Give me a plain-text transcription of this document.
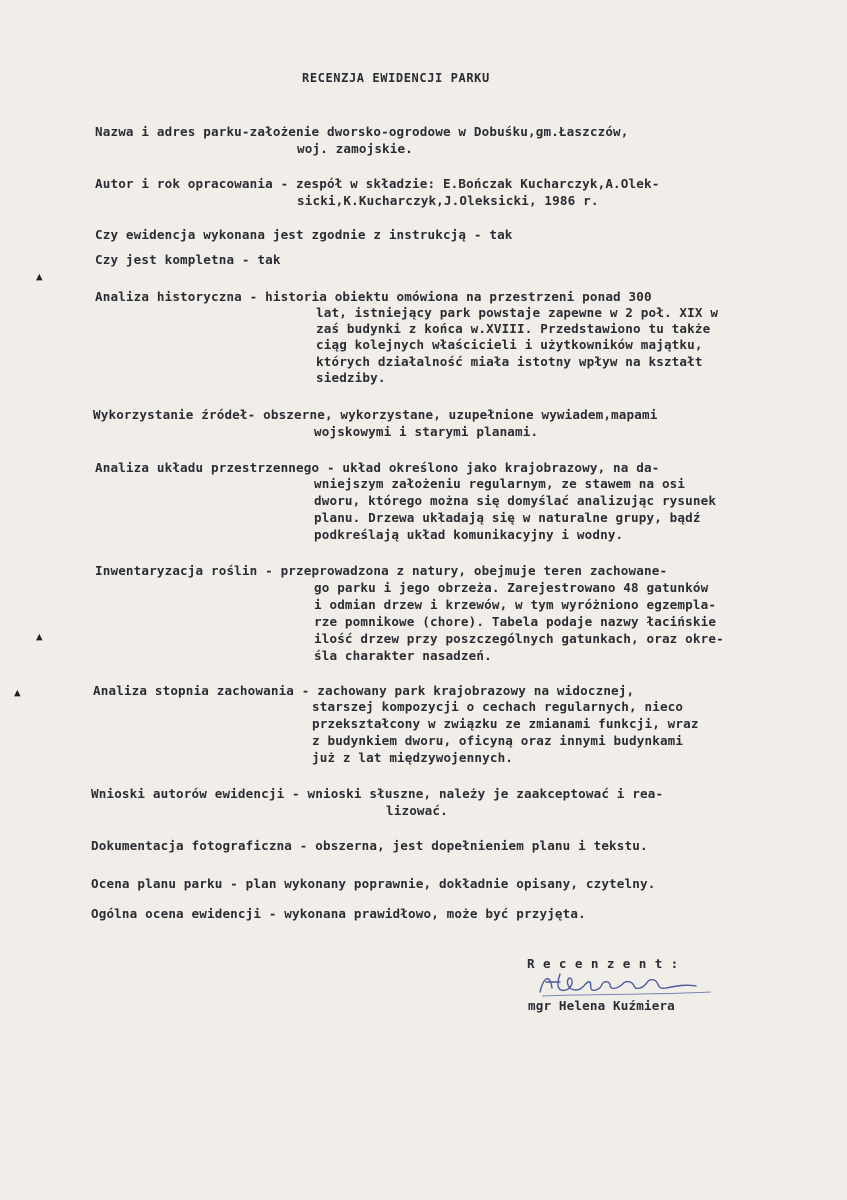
RECENZJA EWIDENCJI PARKU
Nazwa i adres parku-założenie dworsko-ogrodowe w Dobuśku,gm.Łaszczów,
woj. zamojskie.
Autor i rok opracowania - zespół w składzie: E.Bończak Kucharczyk,A.Olek-
sicki,K.Kucharczyk,J.Oleksicki, 1986 r.
Czy ewidencja wykonana jest zgodnie z instrukcją - tak
Czy jest kompletna - tak
Analiza historyczna - historia obiektu omówiona na przestrzeni ponad 300
lat, istniejący park powstaje zapewne w 2 poł. XIX w
zaś budynki z końca w.XVIII. Przedstawiono tu także
ciąg kolejnych właścicieli i użytkowników majątku,
których działalność miała istotny wpływ na kształt
siedziby.
Wykorzystanie źródeł- obszerne, wykorzystane, uzupełnione wywiadem,mapami
wojskowymi i starymi planami.
Analiza układu przestrzennego - układ określono jako krajobrazowy, na da-
wniejszym założeniu regularnym, ze stawem na osi
dworu, którego można się domyślać analizując rysunek
planu. Drzewa układają się w naturalne grupy, bądź
podkreślają układ komunikacyjny i wodny.
Inwentaryzacja roślin - przeprowadzona z natury, obejmuje teren zachowane-
go parku i jego obrzeża. Zarejestrowano 48 gatunków
i odmian drzew i krzewów, w tym wyróżniono egzempla-
rze pomnikowe (chore). Tabela podaje nazwy łacińskie
ilość drzew przy poszczególnych gatunkach, oraz okre-
śla charakter nasadzeń.
Analiza stopnia zachowania - zachowany park krajobrazowy na widocznej,
starszej kompozycji o cechach regularnych, nieco
przekształcony w związku ze zmianami funkcji, wraz
z budynkiem dworu, oficyną oraz innymi budynkami
już z lat międzywojennych.
Wnioski autorów ewidencji - wnioski słuszne, należy je zaakceptować i rea-
lizować.
Dokumentacja fotograficzna - obszerna, jest dopełnieniem planu i tekstu.
Ocena planu parku - plan wykonany poprawnie, dokładnie opisany, czytelny.
Ogólna ocena ewidencji - wykonana prawidłowo, może być przyjęta.
R e c e n z e n t :
mgr Helena Kuźmiera
▲
▲
▲
